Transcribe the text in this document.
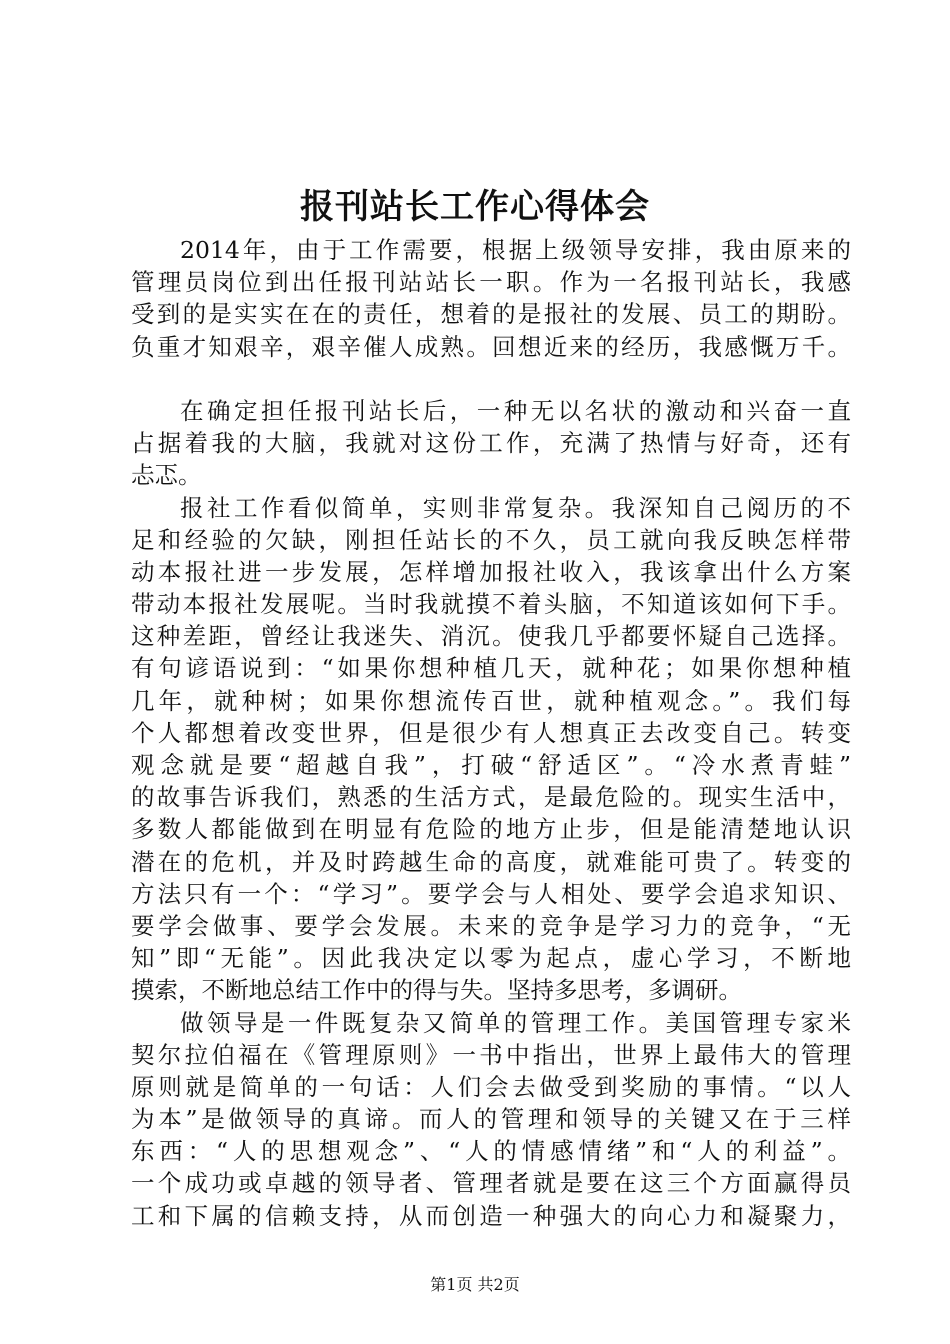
报刊站长工作心得体会
2014年，由于工作需要，根据上级领导安排，我由原来的
管理员岗位到出任报刊站站长一职。作为一名报刊站长，我感
受到的是实实在在的责任，想着的是报社的发展、员工的期盼。
负重才知艰辛，艰辛催人成熟。回想近来的经历，我感慨万千。
在确定担任报刊站长后，一种无以名状的激动和兴奋一直
占据着我的大脑，我就对这份工作，充满了热情与好奇，还有
忐忑。
报社工作看似简单，实则非常复杂。我深知自己阅历的不
足和经验的欠缺，刚担任站长的不久，员工就向我反映怎样带
动本报社进一步发展，怎样增加报社收入，我该拿出什么方案
带动本报社发展呢。当时我就摸不着头脑，不知道该如何下手。
这种差距，曾经让我迷失、消沉。使我几乎都要怀疑自己选择。
有句谚语说到：“如果你想种植几天，就种花；如果你想种植
几年，就种树；如果你想流传百世，就种植观念。”。我们每
个人都想着改变世界，但是很少有人想真正去改变自己。转变
观念就是要“超越自我”，打破“舒适区”。“冷水煮青蛙”
的故事告诉我们，熟悉的生活方式，是最危险的。现实生活中，
多数人都能做到在明显有危险的地方止步，但是能清楚地认识
潜在的危机，并及时跨越生命的高度，就难能可贵了。转变的
方法只有一个：“学习”。要学会与人相处、要学会追求知识、
要学会做事、要学会发展。未来的竞争是学习力的竞争，“无
知”即“无能”。因此我决定以零为起点，虚心学习，不断地
摸索，不断地总结工作中的得与失。坚持多思考，多调研。
做领导是一件既复杂又简单的管理工作。美国管理专家米
契尔拉伯福在《管理原则》一书中指出，世界上最伟大的管理
原则就是简单的一句话：人们会去做受到奖励的事情。“以人
为本”是做领导的真谛。而人的管理和领导的关键又在于三样
东西：“人的思想观念”、“人的情感情绪”和“人的利益”。
一个成功或卓越的领导者、管理者就是要在这三个方面赢得员
工和下属的信赖支持，从而创造一种强大的向心力和凝聚力，
第1页 共2页
